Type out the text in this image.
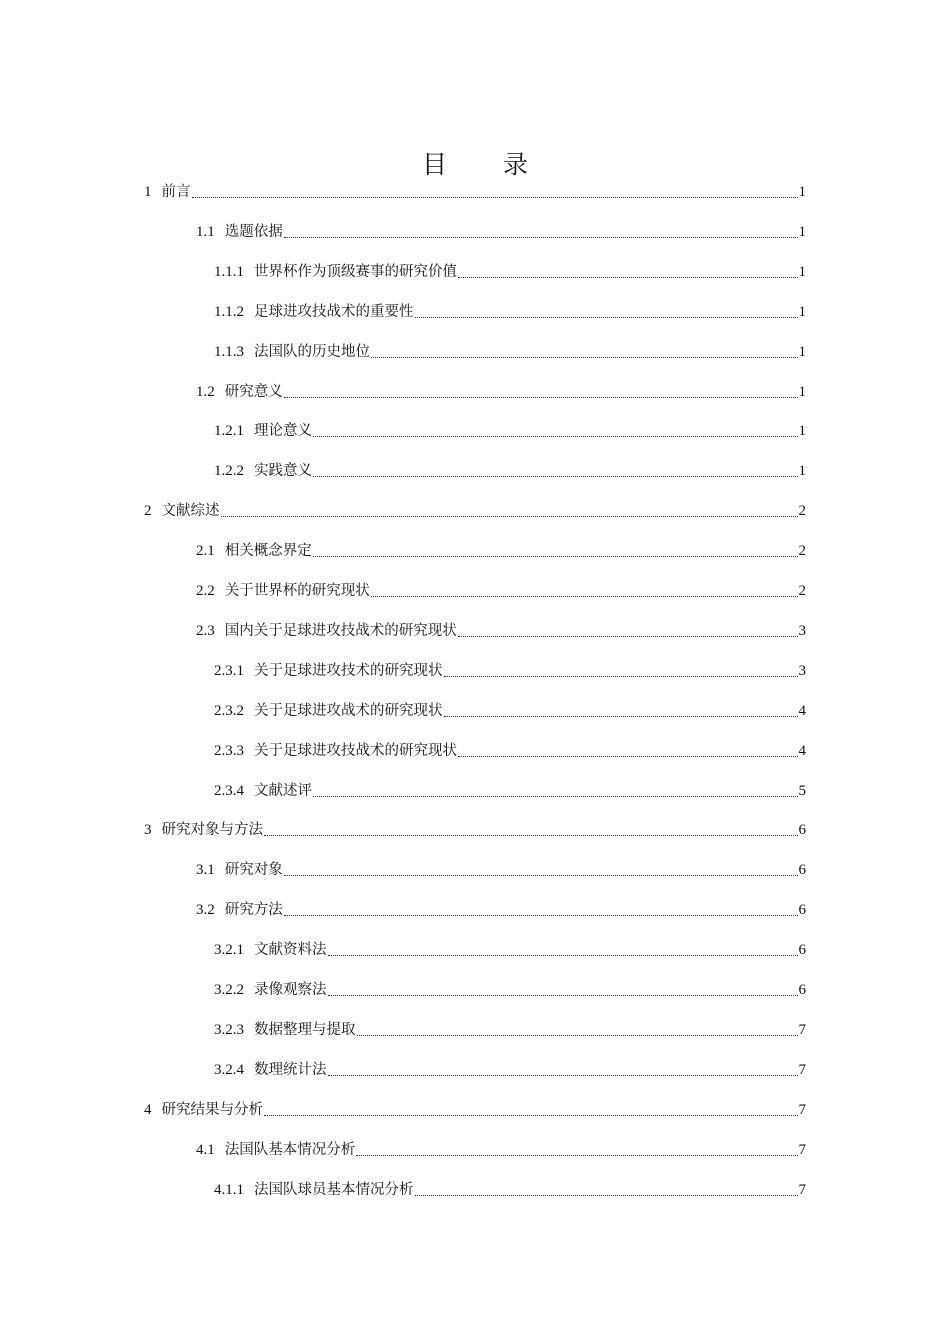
目 录
1 前言	1
1.1 选题依据	1
1.1.1 世界杯作为顶级赛事的研究价值	1
1.1.2 足球进攻技战术的重要性	1
1.1.3 法国队的历史地位	1
1.2 研究意义	1
1.2.1 理论意义	1
1.2.2 实践意义	1
2 文献综述	2
2.1 相关概念界定	2
2.2 关于世界杯的研究现状	2
2.3 国内关于足球进攻技战术的研究现状	3
2.3.1 关于足球进攻技术的研究现状	3
2.3.2 关于足球进攻战术的研究现状	4
2.3.3 关于足球进攻技战术的研究现状	4
2.3.4 文献述评	5
3 研究对象与方法	6
3.1 研究对象	6
3.2 研究方法	6
3.2.1 文献资料法	6
3.2.2 录像观察法	6
3.2.3 数据整理与提取	7
3.2.4 数理统计法	7
4 研究结果与分析	7
4.1 法国队基本情况分析	7
4.1.1 法国队球员基本情况分析	7
